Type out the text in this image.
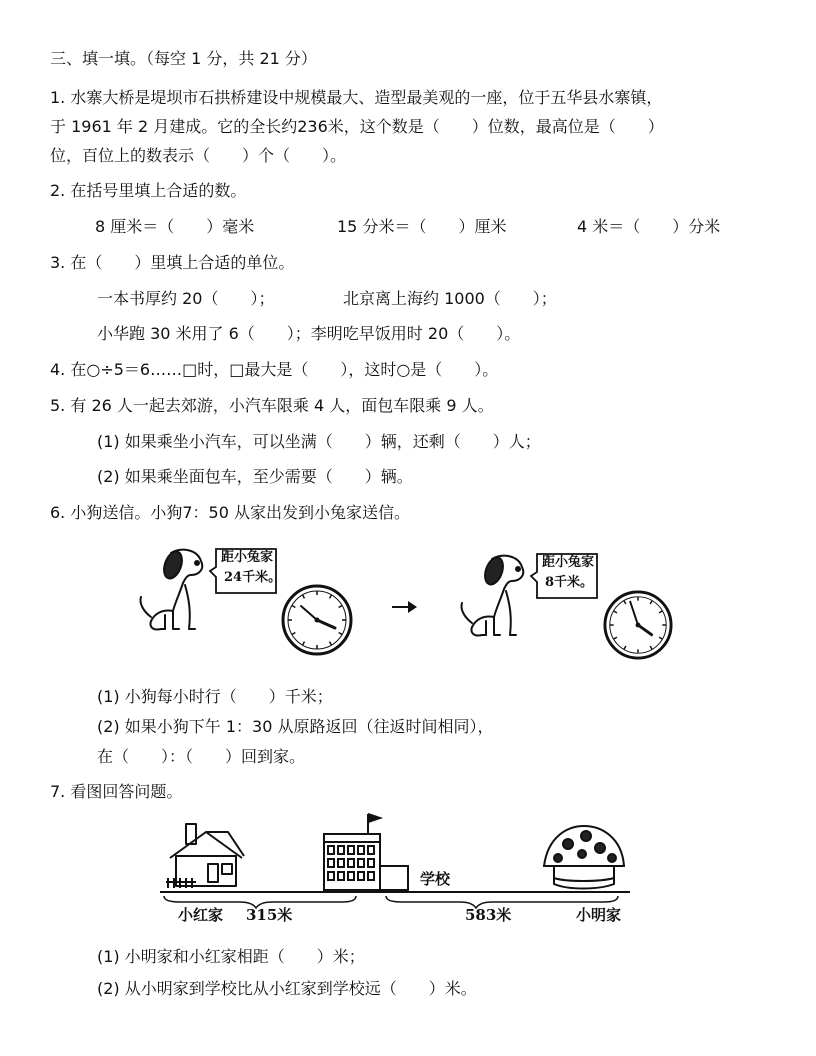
三、填一填。（每空 1 分，共 21 分）
1. 水寨大桥是堤坝市石拱桥建设中规模最大、造型最美观的一座，位于五华县水寨镇，
于 1961 年 2 月建成。它的全长约236米，这个数是（　　）位数，最高位是（　　）
位，百位上的数表示（　　）个（　　）。
2. 在括号里填上合适的数。
8 厘米＝（　　）毫米	15 分米＝（　　）厘米	4 米＝（　　）分米
3. 在（　　）里填上合适的单位。
一本书厚约 20（　　）；	北京离上海约 1000（　　）；
小华跑 30 米用了 6（　　）；李明吃早饭用时 20（　　）。
4. 在○÷5＝6……□时，□最大是（　　），这时○是（　　）。
5. 有 26 人一起去郊游，小汽车限乘 4 人，面包车限乘 9 人。
(1) 如果乘坐小汽车，可以坐满（　　）辆，还剩（　　）人；
(2) 如果乘坐面包车，至少需要（　　）辆。
6. 小狗送信。小狗7：50 从家出发到小兔家送信。
距小兔家
24千米。
距小兔家
8千米。
(1) 小狗每小时行（　　）千米；
(2) 如果小狗下午 1：30 从原路返回（往返时间相同），
在（　　）：（　　）回到家。
7. 看图回答问题。
学校
小红家 315米	583米	小明家
(1) 小明家和小红家相距（　　）米；
(2) 从小明家到学校比从小红家到学校远（　　）米。
